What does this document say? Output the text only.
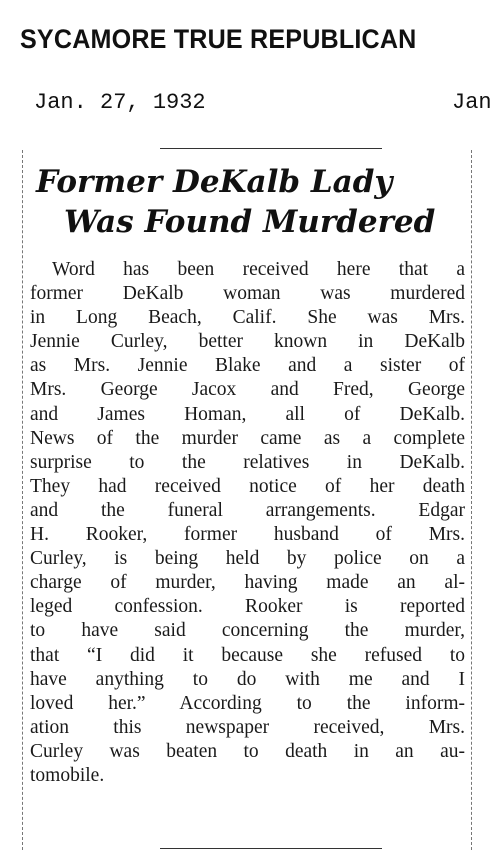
SYCAMORE TRUE REPUBLICAN
Jan. 27, 1932	Jan
Former DeKalb Lady
Was Found Murdered
Word has been received here that a
former DeKalb woman was murdered
in Long Beach, Calif. She was Mrs.
Jennie Curley, better known in DeKalb
as Mrs. Jennie Blake and a sister of
Mrs. George Jacox and Fred, George
and James Homan, all of DeKalb.
News of the murder came as a complete
surprise to the relatives in DeKalb.
They had received notice of her death
and the funeral arrangements. Edgar
H. Rooker, former husband of Mrs.
Curley, is being held by police on a
charge of murder, having made an al-
leged confession. Rooker is reported
to have said concerning the murder,
that “I did it because she refused to
have anything to do with me and I
loved her.” According to the inform-
ation this newspaper received, Mrs.
Curley was beaten to death in an au-
tomobile.
